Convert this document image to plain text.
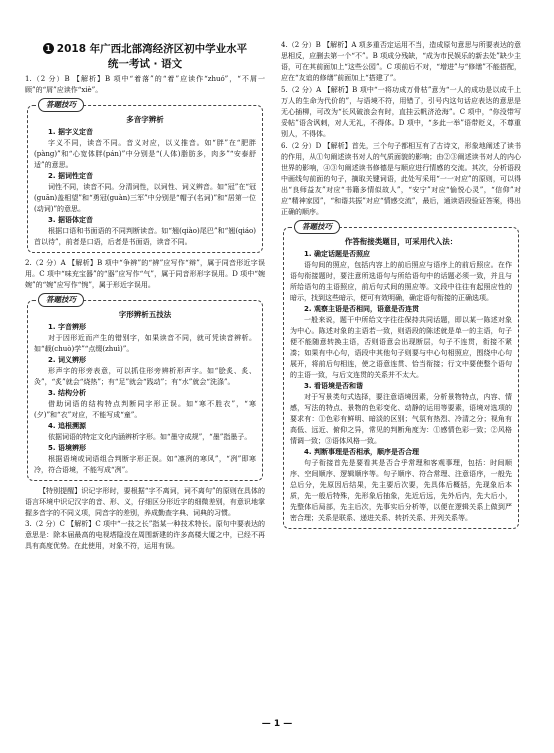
1 2018 年广西北部湾经济区初中学业水平
统一考试 · 语文

1.（2 分）B 【解析】B 项中“着落”的“着”应读作“zhuó”，“不屑一顾”的“屑”应读作“xiè”。

答题技巧
多音字辨析

1. 据字义定音

字义不同，读音不同。音义对应，以义推音。如“胖”在“肥胖(pàng)”和“心宽体胖(pán)”中分别是“(人体)脂肪多，肉多”“安泰舒适”的意思。

2. 据词性定音

词性不同，读音不同。分清词性，以词性、词义辨音。如“冠”在“冠(guān)盖相望”和“勇冠(guàn)三军”中分别是“帽子(名词)”和“居第一位(动词)”的意思。

3. 据语体定音

根据口语和书面语的不同判断读音。如“翘(qiào)尾巴”和“翘(qiáo)首以待”，前者是口语，后者是书面语，读音不同。

2.（2 分）A 【解析】B 项中“争辨”的“辨”应写作“辩”，属于同音形近字误用。C 项中“味充宝器”的“器”应写作“气”，属于同音形形字误用。D 项中“婉婉”的“婉”应写作“惋”，属于形近字误用。

答题技巧
字形辨析五技法

1. 字音辨形

对于因形近而产生的错别字，如果读音不同，就可凭读音辨析。如“载(chuò)学”“点缀(zhuì)”。

2. 词义辨形

形声字的形旁表意，可以抓住形旁辨析形声字。如“脍炙、炙、灸”，“炙”就会“烧热”；有“足”就会“践动”；有“水”就会“洗涤”。

3. 结构分析

借助词语的结构特点判断同字形正误。如“寒不胜衣”，“寒(夕)”和“衣”对应，不能写成“童”。

4. 追根溯源

依据词语的特定文化内涵辨析字形。如“墨守成规”，“墨”指墨子。

5. 语境辨形

根据语境或词语组合判断字形正误。如“凛冽的寒风”，“冽”即寒冷，符合语境，不能写成“冽”。

【特别提醒】识记字形时，要根据“字不离词，词不离句”的原则在具体的语言环境中识记汉字的音、形、义，仔细区分形近字的细微差别，有意识地掌握多音字的不同义项，同音字的差别，养成勤查字典、词典的习惯。

3.（2 分）C 【解析】C 项中“一技之长”指某一种技术特长。原句中要表达的意思是：除本届最高的电视塔隐没在周围新建的许多高楼大厦之中，已经不再具有高度优势。在此使用，对象不符，运用有误。

4.（2 分）B 【解析】A 项多重否定运用不当，造成原句意思与所要表达的意思相反，应删去第一个“不”。B 项成分残缺，“成为市民娱乐的新去处”缺少主语，可在其前面加上“这些公园”。C 项前后不对，“增进”与“修缮”不能搭配，应在“友谊的修缮”前面加上“搭建了”。

5.（2 分）A 【解析】B 项中“一将功成万骨枯”意为“一人的成功是以成千上万人的生命为代价的”，与语境不符，用错了，引号内这句话应表达的意思是无心插柳，可改为“长风破浪会有时，直挂云帆济沧海”。C 项中，“你没带写妥帖”语含讽刺，对人无礼，不得体。D 项中，“多此一举”语带贬义，不尊重别人，不得体。

6.（2 分）D 【解析】首先，三个句子都相互有了古诗文，形象地阐述了读书的作用，从①句阐述读书对人的气质面貌的影响；由②③阐述读书对人的内心世界的影响，④③句阐述读书修德是与顺应进行情感的交流。其次，分析语段中画线句前面的句子，摘取关键词语，此处写采用“一一对应”的原则，可以得出“良师益友”对应“书籍多情似故人”，“安宁”对应“愉悦心灵”，“信仰”对应“精神家园”，“和谐共振”对应“情感交流”，最后，通读语段验证答案，得出正确的顺序。

答题技巧
作答衔接类题目，可采用代入法：

1. 确定话题是否照应

语句间的照应，包括内容上的前后照应与语序上的前后照应。在作语句衔接题时，要注意所选语句与所给语句中的话题必须一致，并且与所给语句的主语照应，前后句式间的照应等。文段中往往有起照应性的暗示，找到这些暗示，便可有效明确，确定语句衔接的正确选项。

2. 观察主语是否相同，语意是否连贯

一般来说，题干中所给文字往往保持共同话题，即以某一陈述对象为中心。陈述对象的主语若一致，则语段的陈述就是单一的主语，句子便不能随意转换主语，否则语意会出现断层，句子不连贯，衔接不紧凑；如果有中心句，语段中其他句子则要与中心句相照应，围绕中心句展开，将前后句相连，使之语意连贯、恰当衔接；行文中要使整个语句的主语一致，与后文连贯的关系并不太大。

3. 看语境是否和谐

对于写景类句式选择，要注意语境因素，分析景物特点，内容、情感，写法的特点、景物的色彩变化、动静的运用等要素，语境对选项的要求有：①色彩有鲜明、暗淡的区别；气氛有热烈、冷清之分；视角有高低、远近、俯仰之异，常见的判断角度为：①感情色彩一致；②风格情调一致；③语体风格一致。

4. 判断事理是否相承，顺序是否合理

句子衔接首先是要看其是否合乎常理和客观事理，包括：时间顺序、空间顺序、逻辑顺序等。句子顺序、符合常理、注意语序，一般先总后分，先原因后结果，先主要后次要，先具体后概括，先现象后本质，先一般后特殊，先形象后抽象，先近后远，先外后内，先大后小，先整体后局部，先主后次，先事实后分析等，以便在逻辑关系上做到严密合理；关系是联系、递进关系、转折关系、并列关系等。

— 1 —
